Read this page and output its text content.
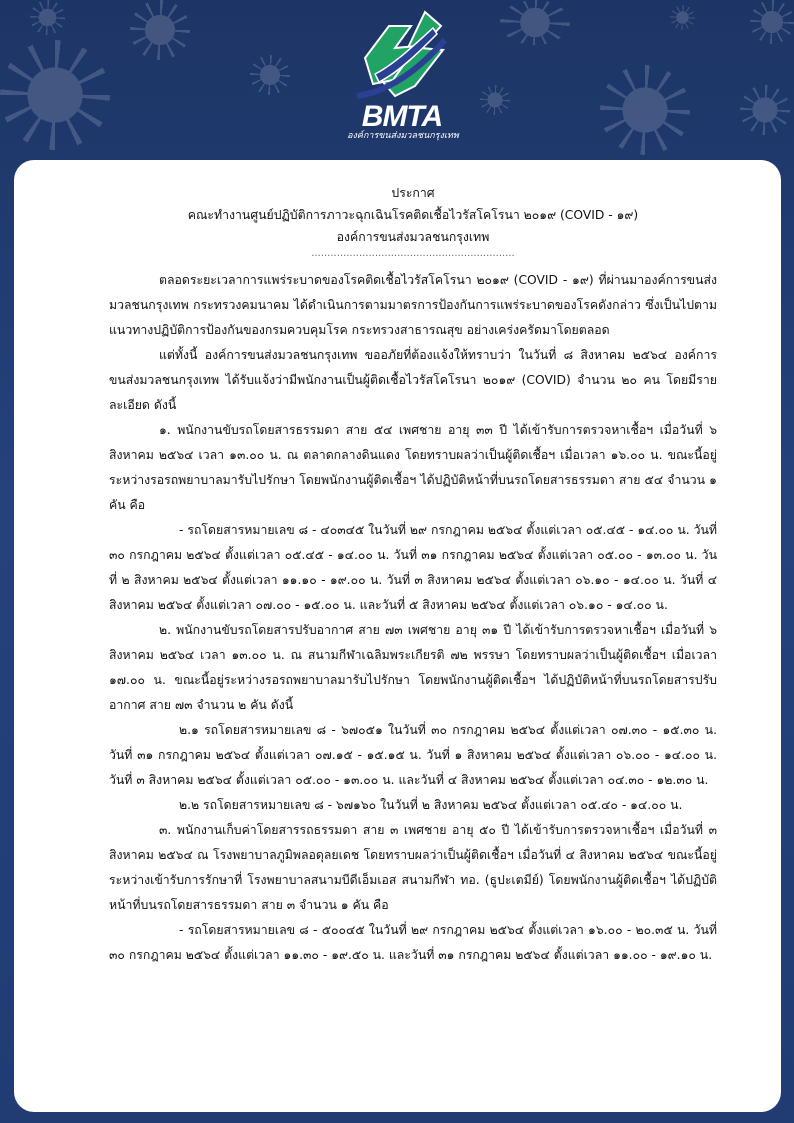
BMTA
องค์การขนส่งมวลชนกรุงเทพ
ประกาศ
คณะทำงานศูนย์ปฏิบัติการภาวะฉุกเฉินโรคติดเชื้อไวรัสโคโรนา ๒๐๑๙ (COVID - ๑๙)
องค์การขนส่งมวลชนกรุงเทพ
................................................................
ตลอดระยะเวลาการแพร่ระบาดของโรคติดเชื้อไวรัสโคโรนา ๒๐๑๙ (COVID - ๑๙) ที่ผ่านมาองค์การขนส่งมวลชนกรุงเทพ กระทรวงคมนาคม ได้ดำเนินการตามมาตรการป้องกันการแพร่ระบาดของโรคดังกล่าว ซึ่งเป็นไปตามแนวทางปฏิบัติการป้องกันของกรมควบคุมโรค กระทรวงสาธารณสุข อย่างเคร่งครัดมาโดยตลอด
แต่ทั้งนี้ องค์การขนส่งมวลชนกรุงเทพ ขออภัยที่ต้องแจ้งให้ทราบว่า ในวันที่ ๘ สิงหาคม ๒๕๖๔ องค์การขนส่งมวลชนกรุงเทพ ได้รับแจ้งว่ามีพนักงานเป็นผู้ติดเชื้อไวรัสโคโรนา ๒๐๑๙ (COVID) จำนวน ๒๐ คน โดยมีรายละเอียด ดังนี้
๑. พนักงานขับรถโดยสารธรรมดา สาย ๕๔ เพศชาย อายุ ๓๓ ปี ได้เข้ารับการตรวจหาเชื้อฯ เมื่อวันที่ ๖ สิงหาคม ๒๕๖๔ เวลา ๑๓.๐๐ น. ณ ตลาดกลางดินแดง โดยทราบผลว่าเป็นผู้ติดเชื้อฯ เมื่อเวลา ๑๖.๐๐ น. ขณะนี้อยู่ระหว่างรอรถพยาบาลมารับไปรักษา โดยพนักงานผู้ติดเชื้อฯ ได้ปฏิบัติหน้าที่บนรถโดยสารธรรมดา สาย ๕๔ จำนวน ๑ คัน คือ
- รถโดยสารหมายเลข ๘ - ๔๐๓๔๕ ในวันที่ ๒๙ กรกฎาคม ๒๕๖๔ ตั้งแต่เวลา ๐๕.๔๕ - ๑๔.๐๐ น. วันที่ ๓๐ กรกฎาคม ๒๕๖๔ ตั้งแต่เวลา ๐๕.๔๕ - ๑๔.๐๐ น. วันที่ ๓๑ กรกฎาคม ๒๕๖๔ ตั้งแต่เวลา ๐๕.๐๐ - ๑๓.๐๐ น. วันที่ ๒ สิงหาคม ๒๕๖๔ ตั้งแต่เวลา ๑๑.๑๐ - ๑๙.๐๐ น. วันที่ ๓ สิงหาคม ๒๕๖๔ ตั้งแต่เวลา ๐๖.๑๐ - ๑๔.๐๐ น. วันที่ ๔ สิงหาคม ๒๕๖๔ ตั้งแต่เวลา ๐๗.๐๐ - ๑๕.๐๐ น. และวันที่ ๕ สิงหาคม ๒๕๖๔ ตั้งแต่เวลา ๐๖.๑๐ - ๑๔.๐๐ น.
๒. พนักงานขับรถโดยสารปรับอากาศ สาย ๗๓ เพศชาย อายุ ๓๑ ปี ได้เข้ารับการตรวจหาเชื้อฯ เมื่อวันที่ ๖ สิงหาคม ๒๕๖๔ เวลา ๑๓.๐๐ น. ณ สนามกีฬาเฉลิมพระเกียรติ ๗๒ พรรษา โดยทราบผลว่าเป็นผู้ติดเชื้อฯ เมื่อเวลา ๑๗.๐๐ น. ขณะนี้อยู่ระหว่างรอรถพยาบาลมารับไปรักษา โดยพนักงานผู้ติดเชื้อฯ ได้ปฏิบัติหน้าที่บนรถโดยสารปรับอากาศ สาย ๗๓ จำนวน ๒ คัน ดังนี้
๒.๑ รถโดยสารหมายเลข ๘ - ๖๗๐๕๑ ในวันที่ ๓๐ กรกฎาคม ๒๕๖๔ ตั้งแต่เวลา ๐๗.๓๐ - ๑๕.๓๐ น. วันที่ ๓๑ กรกฎาคม ๒๕๖๔ ตั้งแต่เวลา ๐๗.๑๕ - ๑๕.๑๕ น. วันที่ ๑ สิงหาคม ๒๕๖๔ ตั้งแต่เวลา ๐๖.๐๐ - ๑๔.๐๐ น. วันที่ ๓ สิงหาคม ๒๕๖๔ ตั้งแต่เวลา ๐๕.๐๐ - ๑๓.๐๐ น. และวันที่ ๔ สิงหาคม ๒๕๖๔ ตั้งแต่เวลา ๐๔.๓๐ - ๑๒.๓๐ น.
๒.๒ รถโดยสารหมายเลข ๘ - ๖๗๑๖๐ ในวันที่ ๒ สิงหาคม ๒๕๖๔ ตั้งแต่เวลา ๐๕.๔๐ - ๑๔.๐๐ น.
๓. พนักงานเก็บค่าโดยสารรถธรรมดา สาย ๓ เพศชาย อายุ ๕๐ ปี ได้เข้ารับการตรวจหาเชื้อฯ เมื่อวันที่ ๓ สิงหาคม ๒๕๖๔ ณ โรงพยาบาลภูมิพลอดุลยเดช โดยทราบผลว่าเป็นผู้ติดเชื้อฯ เมื่อวันที่ ๔ สิงหาคม ๒๕๖๔ ขณะนี้อยู่ระหว่างเข้ารับการรักษาที่ โรงพยาบาลสนามบีดีเอ็มเอส สนามกีฬา ทอ. (ธูปะเตมีย์) โดยพนักงานผู้ติดเชื้อฯ ได้ปฏิบัติหน้าที่บนรถโดยสารธรรมดา สาย ๓ จำนวน ๑ คัน คือ
- รถโดยสารหมายเลข ๘ - ๕๐๐๔๕ ในวันที่ ๒๙ กรกฎาคม ๒๕๖๔ ตั้งแต่เวลา ๑๖.๐๐ - ๒๐.๓๕ น. วันที่ ๓๐ กรกฎาคม ๒๕๖๔ ตั้งแต่เวลา ๑๑.๓๐ - ๑๙.๕๐ น. และวันที่ ๓๑ กรกฎาคม ๒๕๖๔ ตั้งแต่เวลา ๑๑.๐๐ - ๑๙.๑๐ น.
